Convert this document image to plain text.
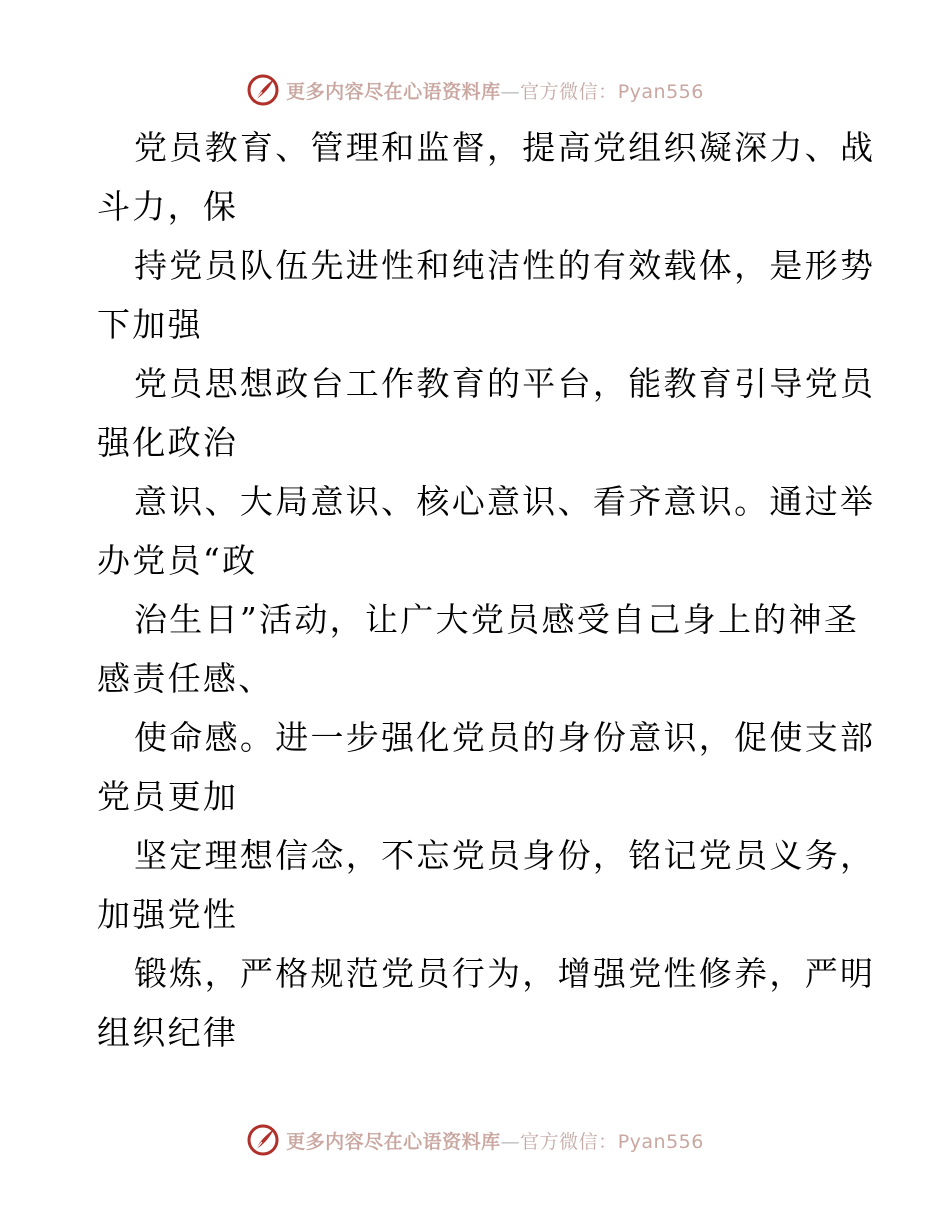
更多内容尽在心语资料库—官方微信：Pyan556

党员教育、管理和监督，提高党组织凝深力、战
斗力，保

持党员队伍先进性和纯洁性的有效载体，是形势
下加强

党员思想政台工作教育的平台，能教育引导党员
强化政治

意识、大局意识、核心意识、看齐意识。通过举
办党员“政

治生日”活动，让广大党员感受自己身上的神圣
感责任感、

使命感。进一步强化党员的身份意识，促使支部
党员更加

坚定理想信念，不忘党员身份，铭记党员义务，
加强党性

锻炼，严格规范党员行为，增强党性修养，严明
组织纪律

更多内容尽在心语资料库—官方微信：Pyan556
